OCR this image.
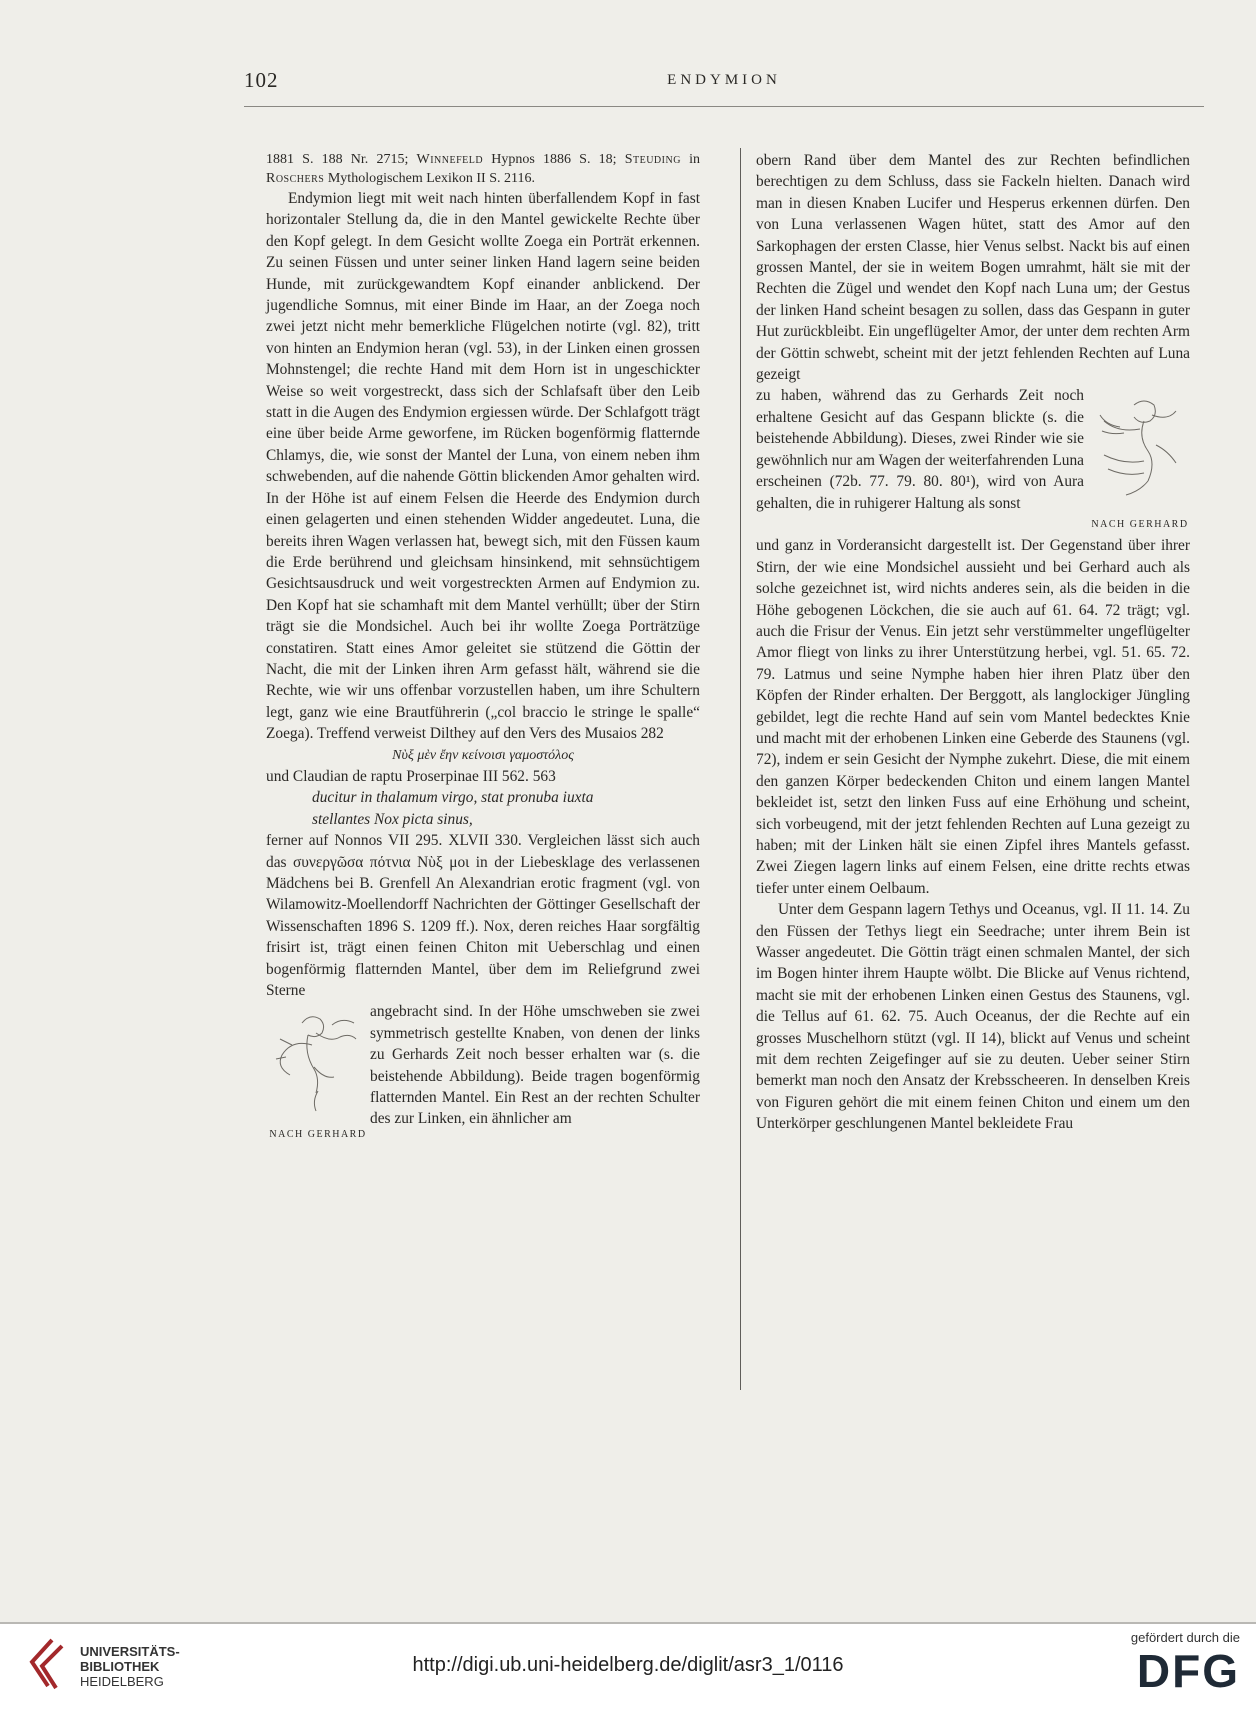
102	ENDYMION

1881 S. 188 Nr. 2715; Winnefeld Hypnos 1886 S. 18; Steuding in Roschers Mythologischem Lexikon II S. 2116.

Endymion liegt mit weit nach hinten überfallendem Kopf in fast horizontaler Stellung da, die in den Mantel gewickelte Rechte über den Kopf gelegt. In dem Gesicht wollte Zoega ein Porträt erkennen. Zu seinen Füssen und unter seiner linken Hand lagern seine beiden Hunde, mit zurückgewandtem Kopf einander anblickend. Der jugendliche Somnus, mit einer Binde im Haar, an der Zoega noch zwei jetzt nicht mehr bemerkliche Flügelchen notirte (vgl. 82), tritt von hinten an Endymion heran (vgl. 53), in der Linken einen grossen Mohnstengel; die rechte Hand mit dem Horn ist in ungeschickter Weise so weit vorgestreckt, dass sich der Schlafsaft über den Leib statt in die Augen des Endymion ergiessen würde. Der Schlafgott trägt eine über beide Arme geworfene, im Rücken bogenförmig flatternde Chlamys, die, wie sonst der Mantel der Luna, von einem neben ihm schwebenden, auf die nahende Göttin blickenden Amor gehalten wird. In der Höhe ist auf einem Felsen die Heerde des Endymion durch einen gelagerten und einen stehenden Widder angedeutet. Luna, die bereits ihren Wagen verlassen hat, bewegt sich, mit den Füssen kaum die Erde berührend und gleichsam hinsinkend, mit sehnsüchtigem Gesichtsausdruck und weit vorgestreckten Armen auf Endymion zu. Den Kopf hat sie schamhaft mit dem Mantel verhüllt; über der Stirn trägt sie die Mondsichel. Auch bei ihr wollte Zoega Porträtzüge constatiren. Statt eines Amor geleitet sie stützend die Göttin der Nacht, die mit der Linken ihren Arm gefasst hält, während sie die Rechte, wie wir uns offenbar vorzustellen haben, um ihre Schultern legt, ganz wie eine Brautführerin („col braccio le stringe le spalle“ Zoega). Treffend verweist Dilthey auf den Vers des Musaios 282

Νὺξ μὲν ἔην κείνοισι γαμοστόλος

und Claudian de raptu Proserpinae III 562. 563

ducitur in thalamum virgo, stat pronuba iuxta

stellantes Nox picta sinus,

ferner auf Nonnos VII 295. XLVII 330. Vergleichen lässt sich auch das συνεργῶσα πότνια Νὺξ μοι in der Liebesklage des verlassenen Mädchens bei B. Grenfell An Alexandrian erotic fragment (vgl. von Wilamowitz-Moellendorff Nachrichten der Göttinger Gesellschaft der Wissenschaften 1896 S. 1209 ff.). Nox, deren reiches Haar sorgfältig frisirt ist, trägt einen feinen Chiton mit Ueberschlag und einen bogenförmig flatternden Mantel, über dem im Reliefgrund zwei Sterne

NACH GERHARD

angebracht sind. In der Höhe umschweben sie zwei symmetrisch gestellte Knaben, von denen der links zu Gerhards Zeit noch besser erhalten war (s. die beistehende Abbildung). Beide tragen bogenförmig flatternden Mantel. Ein Rest an der rechten Schulter des zur Linken, ein ähnlicher am

obern Rand über dem Mantel des zur Rechten befindlichen berechtigen zu dem Schluss, dass sie Fackeln hielten. Danach wird man in diesen Knaben Lucifer und Hesperus erkennen dürfen. Den von Luna verlassenen Wagen hütet, statt des Amor auf den Sarkophagen der ersten Classe, hier Venus selbst. Nackt bis auf einen grossen Mantel, der sie in weitem Bogen umrahmt, hält sie mit der Rechten die Zügel und wendet den Kopf nach Luna um; der Gestus der linken Hand scheint besagen zu sollen, dass das Gespann in guter Hut zurückbleibt. Ein ungeflügelter Amor, der unter dem rechten Arm der Göttin schwebt, scheint mit der jetzt fehlenden Rechten auf Luna gezeigt

zu haben, während das zu Gerhards Zeit noch erhaltene Gesicht auf das Gespann blickte (s. die beistehende Abbildung). Dieses, zwei Rinder wie sie gewöhnlich nur am Wagen der weiterfahrenden Luna erscheinen (72b. 77. 79. 80. 80¹), wird von Aura gehalten, die in ruhigerer Haltung als sonst

NACH GERHARD

und ganz in Vorderansicht dargestellt ist. Der Gegenstand über ihrer Stirn, der wie eine Mondsichel aussieht und bei Gerhard auch als solche gezeichnet ist, wird nichts anderes sein, als die beiden in die Höhe gebogenen Löckchen, die sie auch auf 61. 64. 72 trägt; vgl. auch die Frisur der Venus. Ein jetzt sehr verstümmelter ungeflügelter Amor fliegt von links zu ihrer Unterstützung herbei, vgl. 51. 65. 72. 79. Latmus und seine Nymphe haben hier ihren Platz über den Köpfen der Rinder erhalten. Der Berggott, als langlockiger Jüngling gebildet, legt die rechte Hand auf sein vom Mantel bedecktes Knie und macht mit der erhobenen Linken eine Geberde des Staunens (vgl. 72), indem er sein Gesicht der Nymphe zukehrt. Diese, die mit einem den ganzen Körper bedeckenden Chiton und einem langen Mantel bekleidet ist, setzt den linken Fuss auf eine Erhöhung und scheint, sich vorbeugend, mit der jetzt fehlenden Rechten auf Luna gezeigt zu haben; mit der Linken hält sie einen Zipfel ihres Mantels gefasst. Zwei Ziegen lagern links auf einem Felsen, eine dritte rechts etwas tiefer unter einem Oelbaum.

Unter dem Gespann lagern Tethys und Oceanus, vgl. II 11. 14. Zu den Füssen der Tethys liegt ein Seedrache; unter ihrem Bein ist Wasser angedeutet. Die Göttin trägt einen schmalen Mantel, der sich im Bogen hinter ihrem Haupte wölbt. Die Blicke auf Venus richtend, macht sie mit der erhobenen Linken einen Gestus des Staunens, vgl. die Tellus auf 61. 62. 75. Auch Oceanus, der die Rechte auf ein grosses Muschelhorn stützt (vgl. II 14), blickt auf Venus und scheint mit dem rechten Zeigefinger auf sie zu deuten. Ueber seiner Stirn bemerkt man noch den Ansatz der Krebsscheeren. In denselben Kreis von Figuren gehört die mit einem feinen Chiton und einem um den Unterkörper geschlungenen Mantel bekleidete Frau

UNIVERSITÄTS-
BIBLIOTHEK
HEIDELBERG
http://digi.ub.uni-heidelberg.de/diglit/asr3_1/0116
gefördert durch die
DFG
